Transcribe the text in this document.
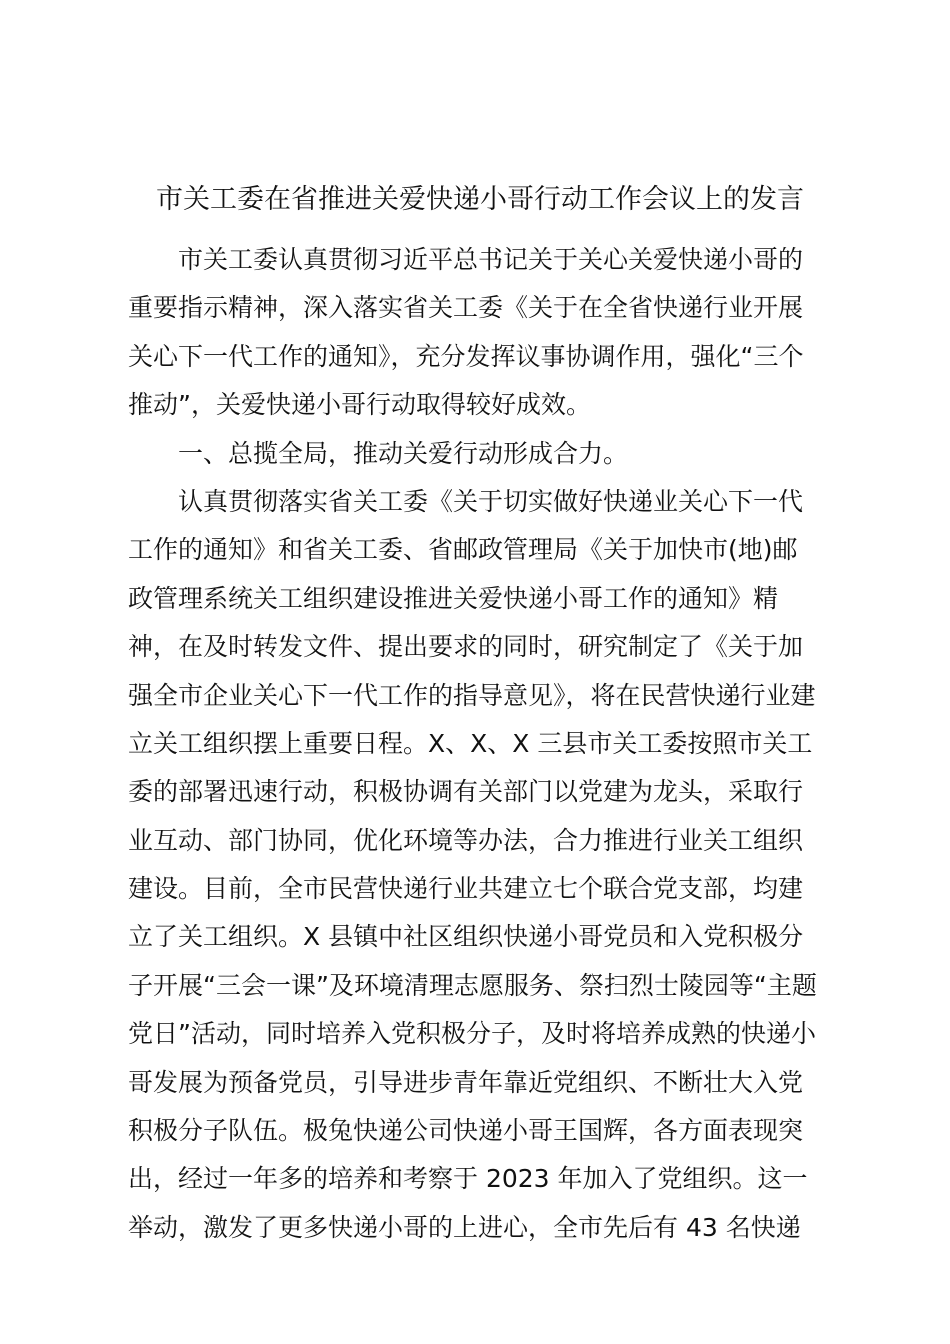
市关工委在省推进关爱快递小哥行动工作会议上的发言
市关工委认真贯彻习近平总书记关于关心关爱快递小哥的
重要指示精神，深入落实省关工委《关于在全省快递行业开展
关心下一代工作的通知》，充分发挥议事协调作用，强化“三个
推动”，关爱快递小哥行动取得较好成效。
一、总揽全局，推动关爱行动形成合力。
认真贯彻落实省关工委《关于切实做好快递业关心下一代
工作的通知》和省关工委、省邮政管理局《关于加快市(地)邮
政管理系统关工组织建设推进关爱快递小哥工作的通知》精
神，在及时转发文件、提出要求的同时，研究制定了《关于加
强全市企业关心下一代工作的指导意见》，将在民营快递行业建
立关工组织摆上重要日程。X、X、X 三县市关工委按照市关工
委的部署迅速行动，积极协调有关部门以党建为龙头，采取行
业互动、部门协同，优化环境等办法，合力推进行业关工组织
建设。目前，全市民营快递行业共建立七个联合党支部，均建
立了关工组织。X 县镇中社区组织快递小哥党员和入党积极分
子开展“三会一课”及环境清理志愿服务、祭扫烈士陵园等“主题
党日”活动，同时培养入党积极分子，及时将培养成熟的快递小
哥发展为预备党员，引导进步青年靠近党组织、不断壮大入党
积极分子队伍。极兔快递公司快递小哥王国辉，各方面表现突
出，经过一年多的培养和考察于 2023 年加入了党组织。这一
举动，激发了更多快递小哥的上进心，全市先后有 43 名快递
